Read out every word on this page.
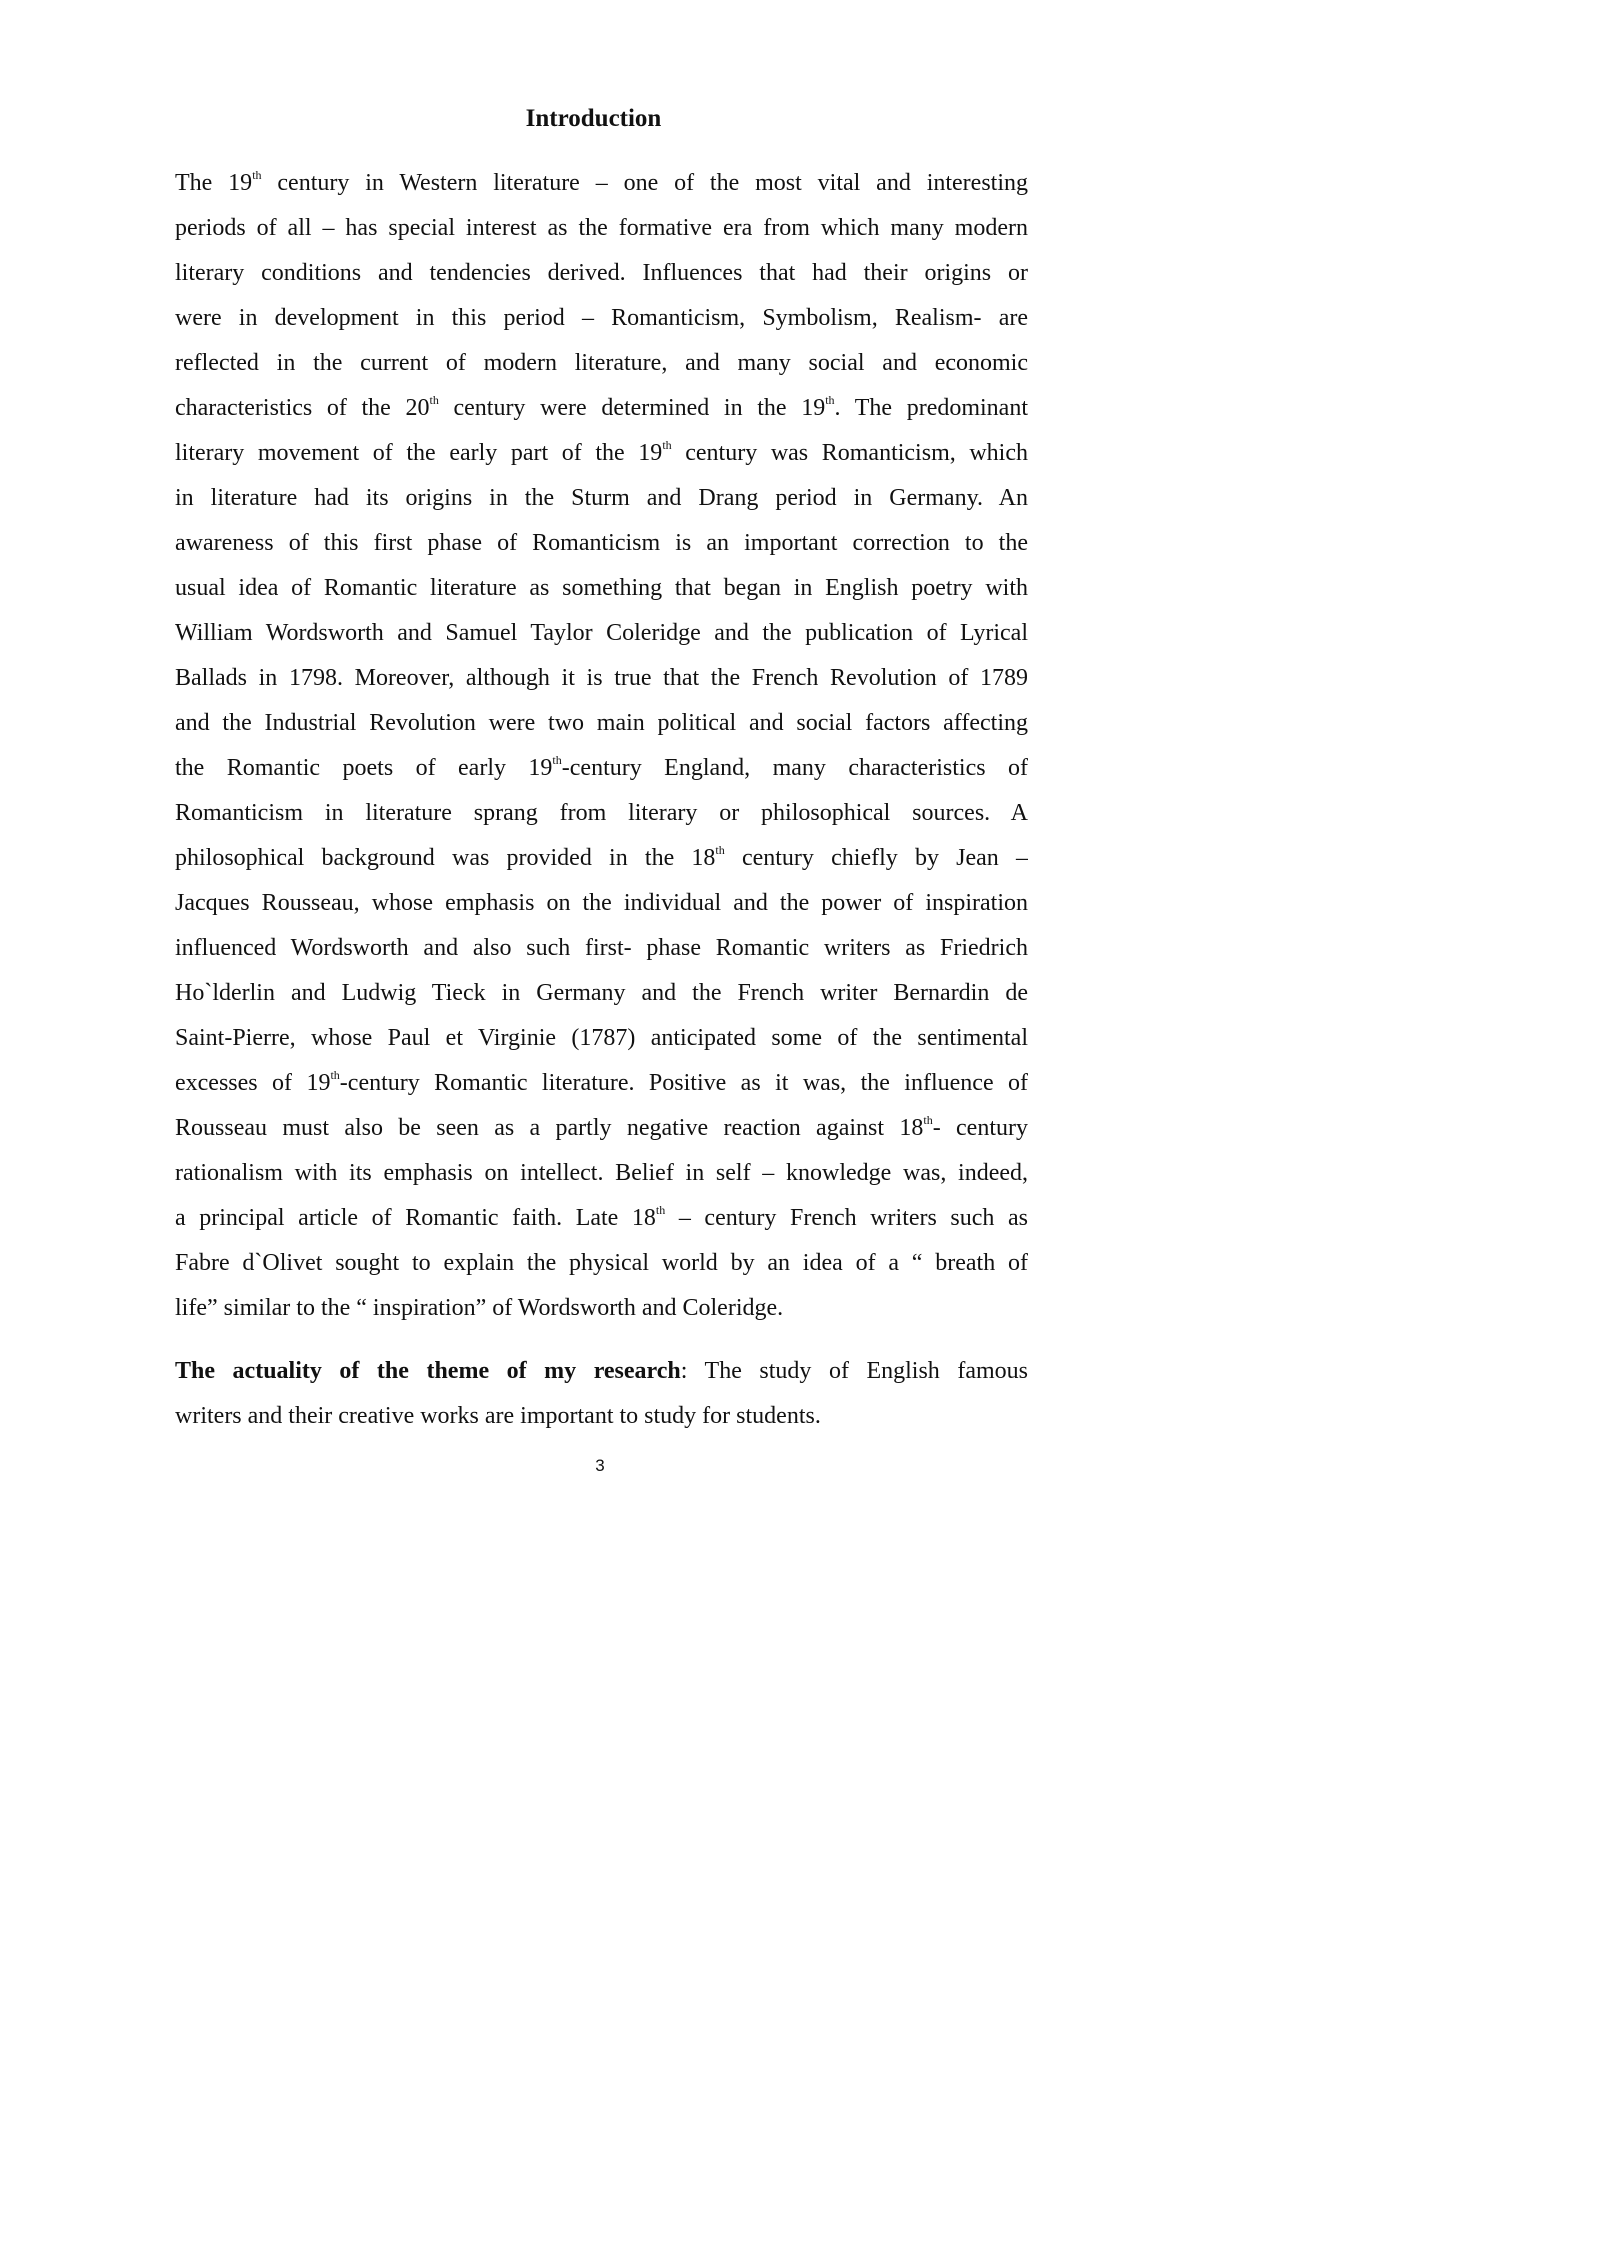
Introduction
The 19th century in Western literature – one of the most vital and interesting
periods of all – has special interest as the formative era from which many modern
literary conditions and tendencies derived. Influences that had their origins or
were in development in this period – Romanticism, Symbolism, Realism- are
reflected in the current of modern literature, and many social and economic
characteristics of the 20th century were determined in the 19th. The predominant
literary movement of the early part of the 19th century was Romanticism, which
in literature had its origins in the Sturm and Drang period in Germany. An
awareness of this first phase of Romanticism is an important correction to the
usual idea of Romantic literature as something that began in English poetry with
William Wordsworth and Samuel Taylor Coleridge and the publication of Lyrical
Ballads in 1798. Moreover, although it is true that the French Revolution of 1789
and the Industrial Revolution were two main political and social factors affecting
the Romantic poets of early 19th-century England, many characteristics of
Romanticism in literature sprang from literary or philosophical sources. A
philosophical background was provided in the 18th century chiefly by Jean –
Jacques Rousseau, whose emphasis on the individual and the power of inspiration
influenced Wordsworth and also such first- phase Romantic writers as Friedrich
Ho`lderlin and Ludwig Tieck in Germany and the French writer Bernardin de
Saint-Pierre, whose Paul et Virginie (1787) anticipated some of the sentimental
excesses of 19th-century Romantic literature. Positive as it was, the influence of
Rousseau must also be seen as a partly negative reaction against 18th- century
rationalism with its emphasis on intellect. Belief in self – knowledge was, indeed,
a principal article of Romantic faith. Late 18th – century French writers such as
Fabre d`Olivet sought to explain the physical world by an idea of a “ breath of
life” similar to the “ inspiration” of Wordsworth and Coleridge.
The actuality of the theme of my research: The study of English famous
writers and their creative works are important to study for students.
3
